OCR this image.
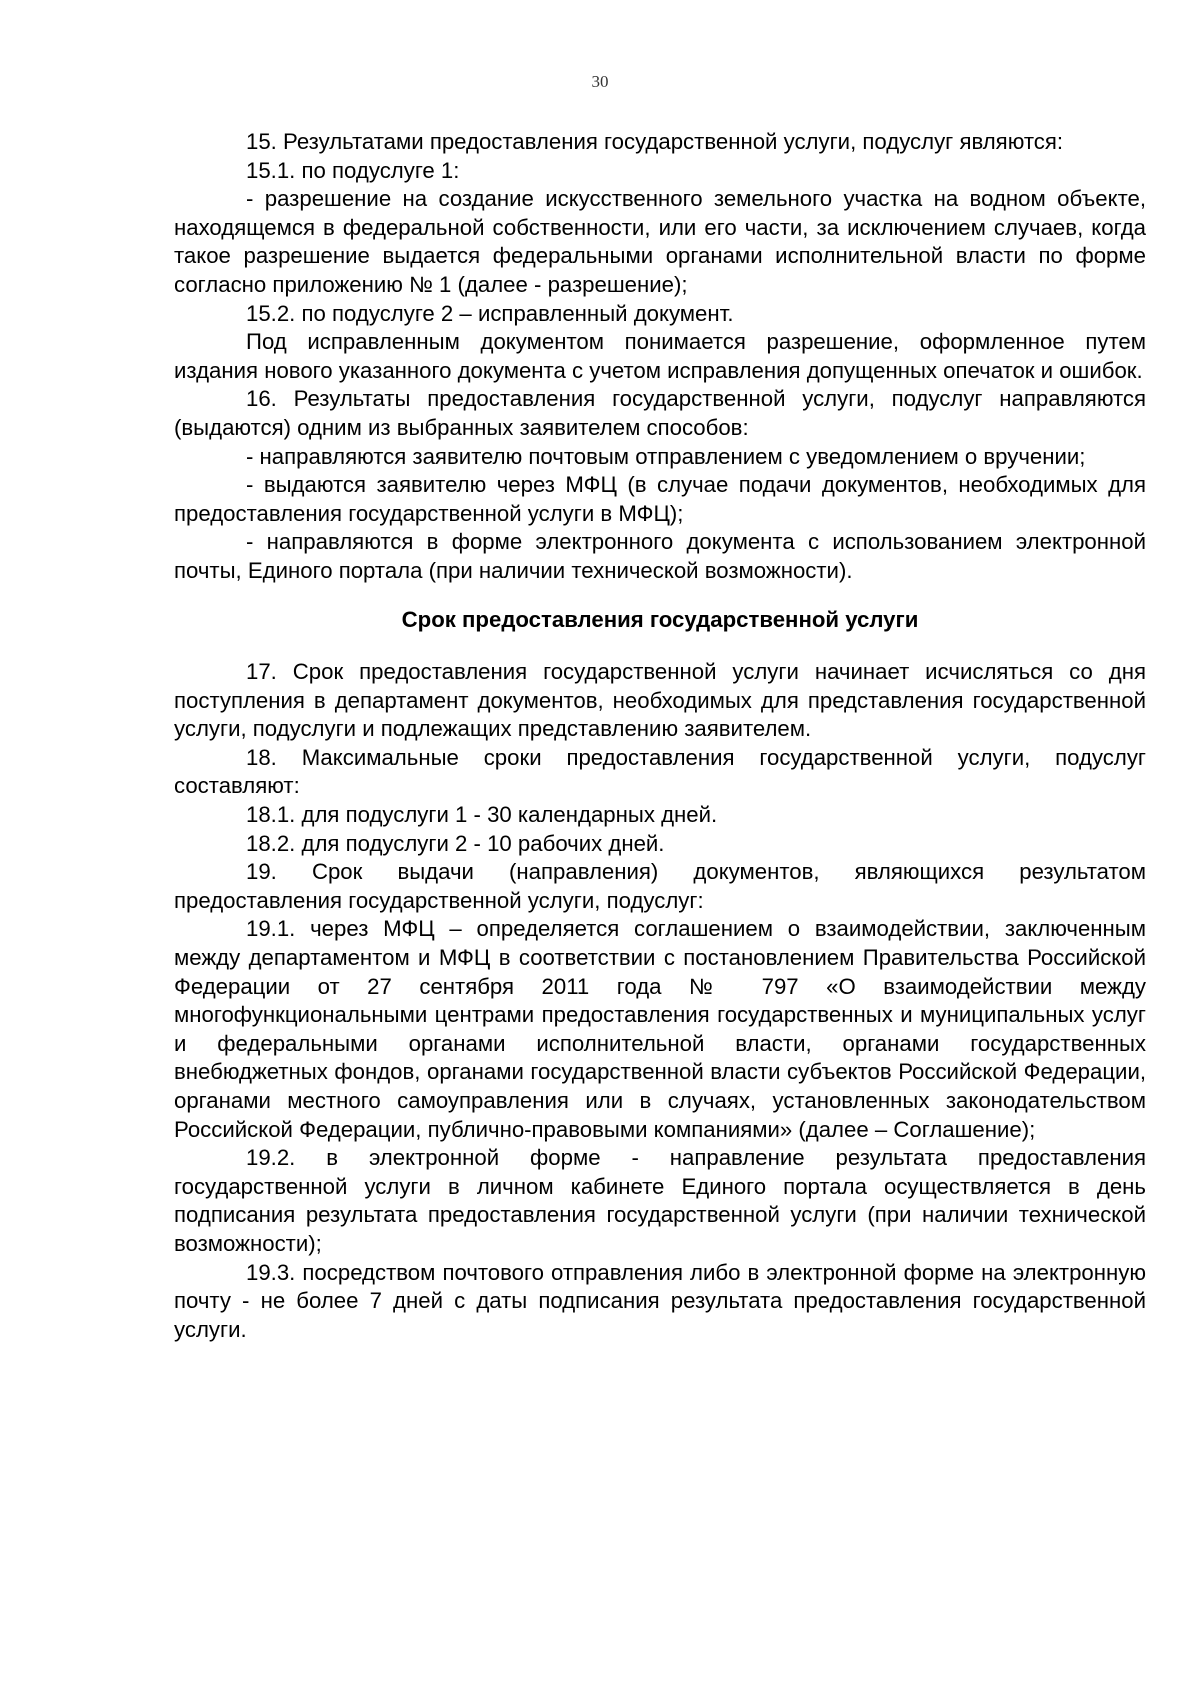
30

15. Результатами предоставления государственной услуги, подуслуг являются:

15.1. по подуслуге 1:

- разрешение на создание искусственного земельного участка на водном объекте, находящемся в федеральной собственности, или его части, за исключением случаев, когда такое разрешение выдается федеральными органами исполнительной власти по форме согласно приложению № 1 (далее - разрешение);

15.2. по подуслуге 2 – исправленный документ.

Под исправленным документом понимается разрешение, оформленное путем издания нового указанного документа с учетом исправления допущенных опечаток и ошибок.

16. Результаты предоставления государственной услуги, подуслуг направляются (выдаются) одним из выбранных заявителем способов:

- направляются заявителю почтовым отправлением с уведомлением о вручении;

- выдаются заявителю через МФЦ (в случае подачи документов, необходимых для предоставления государственной услуги в МФЦ);

- направляются в форме электронного документа с использованием электронной почты, Единого портала (при наличии технической возможности).

Срок предоставления государственной услуги

17. Срок предоставления государственной услуги начинает исчисляться со дня поступления в департамент документов, необходимых для представления государственной услуги, подуслуги и подлежащих представлению заявителем.

18. Максимальные сроки предоставления государственной услуги, подуслуг составляют:

18.1. для подуслуги 1 - 30 календарных дней.

18.2. для подуслуги 2 - 10 рабочих дней.

19. Срок выдачи (направления) документов, являющихся результатом предоставления государственной услуги, подуслуг:

19.1. через МФЦ – определяется соглашением о взаимодействии, заключенным между департаментом и МФЦ в соответствии с постановлением Правительства Российской Федерации от 27 сентября 2011 года № 797 «О взаимодействии между многофункциональными центрами предоставления государственных и муниципальных услуг и федеральными органами исполнительной власти, органами государственных внебюджетных фондов, органами государственной власти субъектов Российской Федерации, органами местного самоуправления или в случаях, установленных законодательством Российской Федерации, публично-правовыми компаниями» (далее – Соглашение);

19.2. в электронной форме - направление результата предоставления государственной услуги в личном кабинете Единого портала осуществляется в день подписания результата предоставления государственной услуги (при наличии технической возможности);

19.3. посредством почтового отправления либо в электронной форме на электронную почту - не более 7 дней с даты подписания результата предоставления государственной услуги.
